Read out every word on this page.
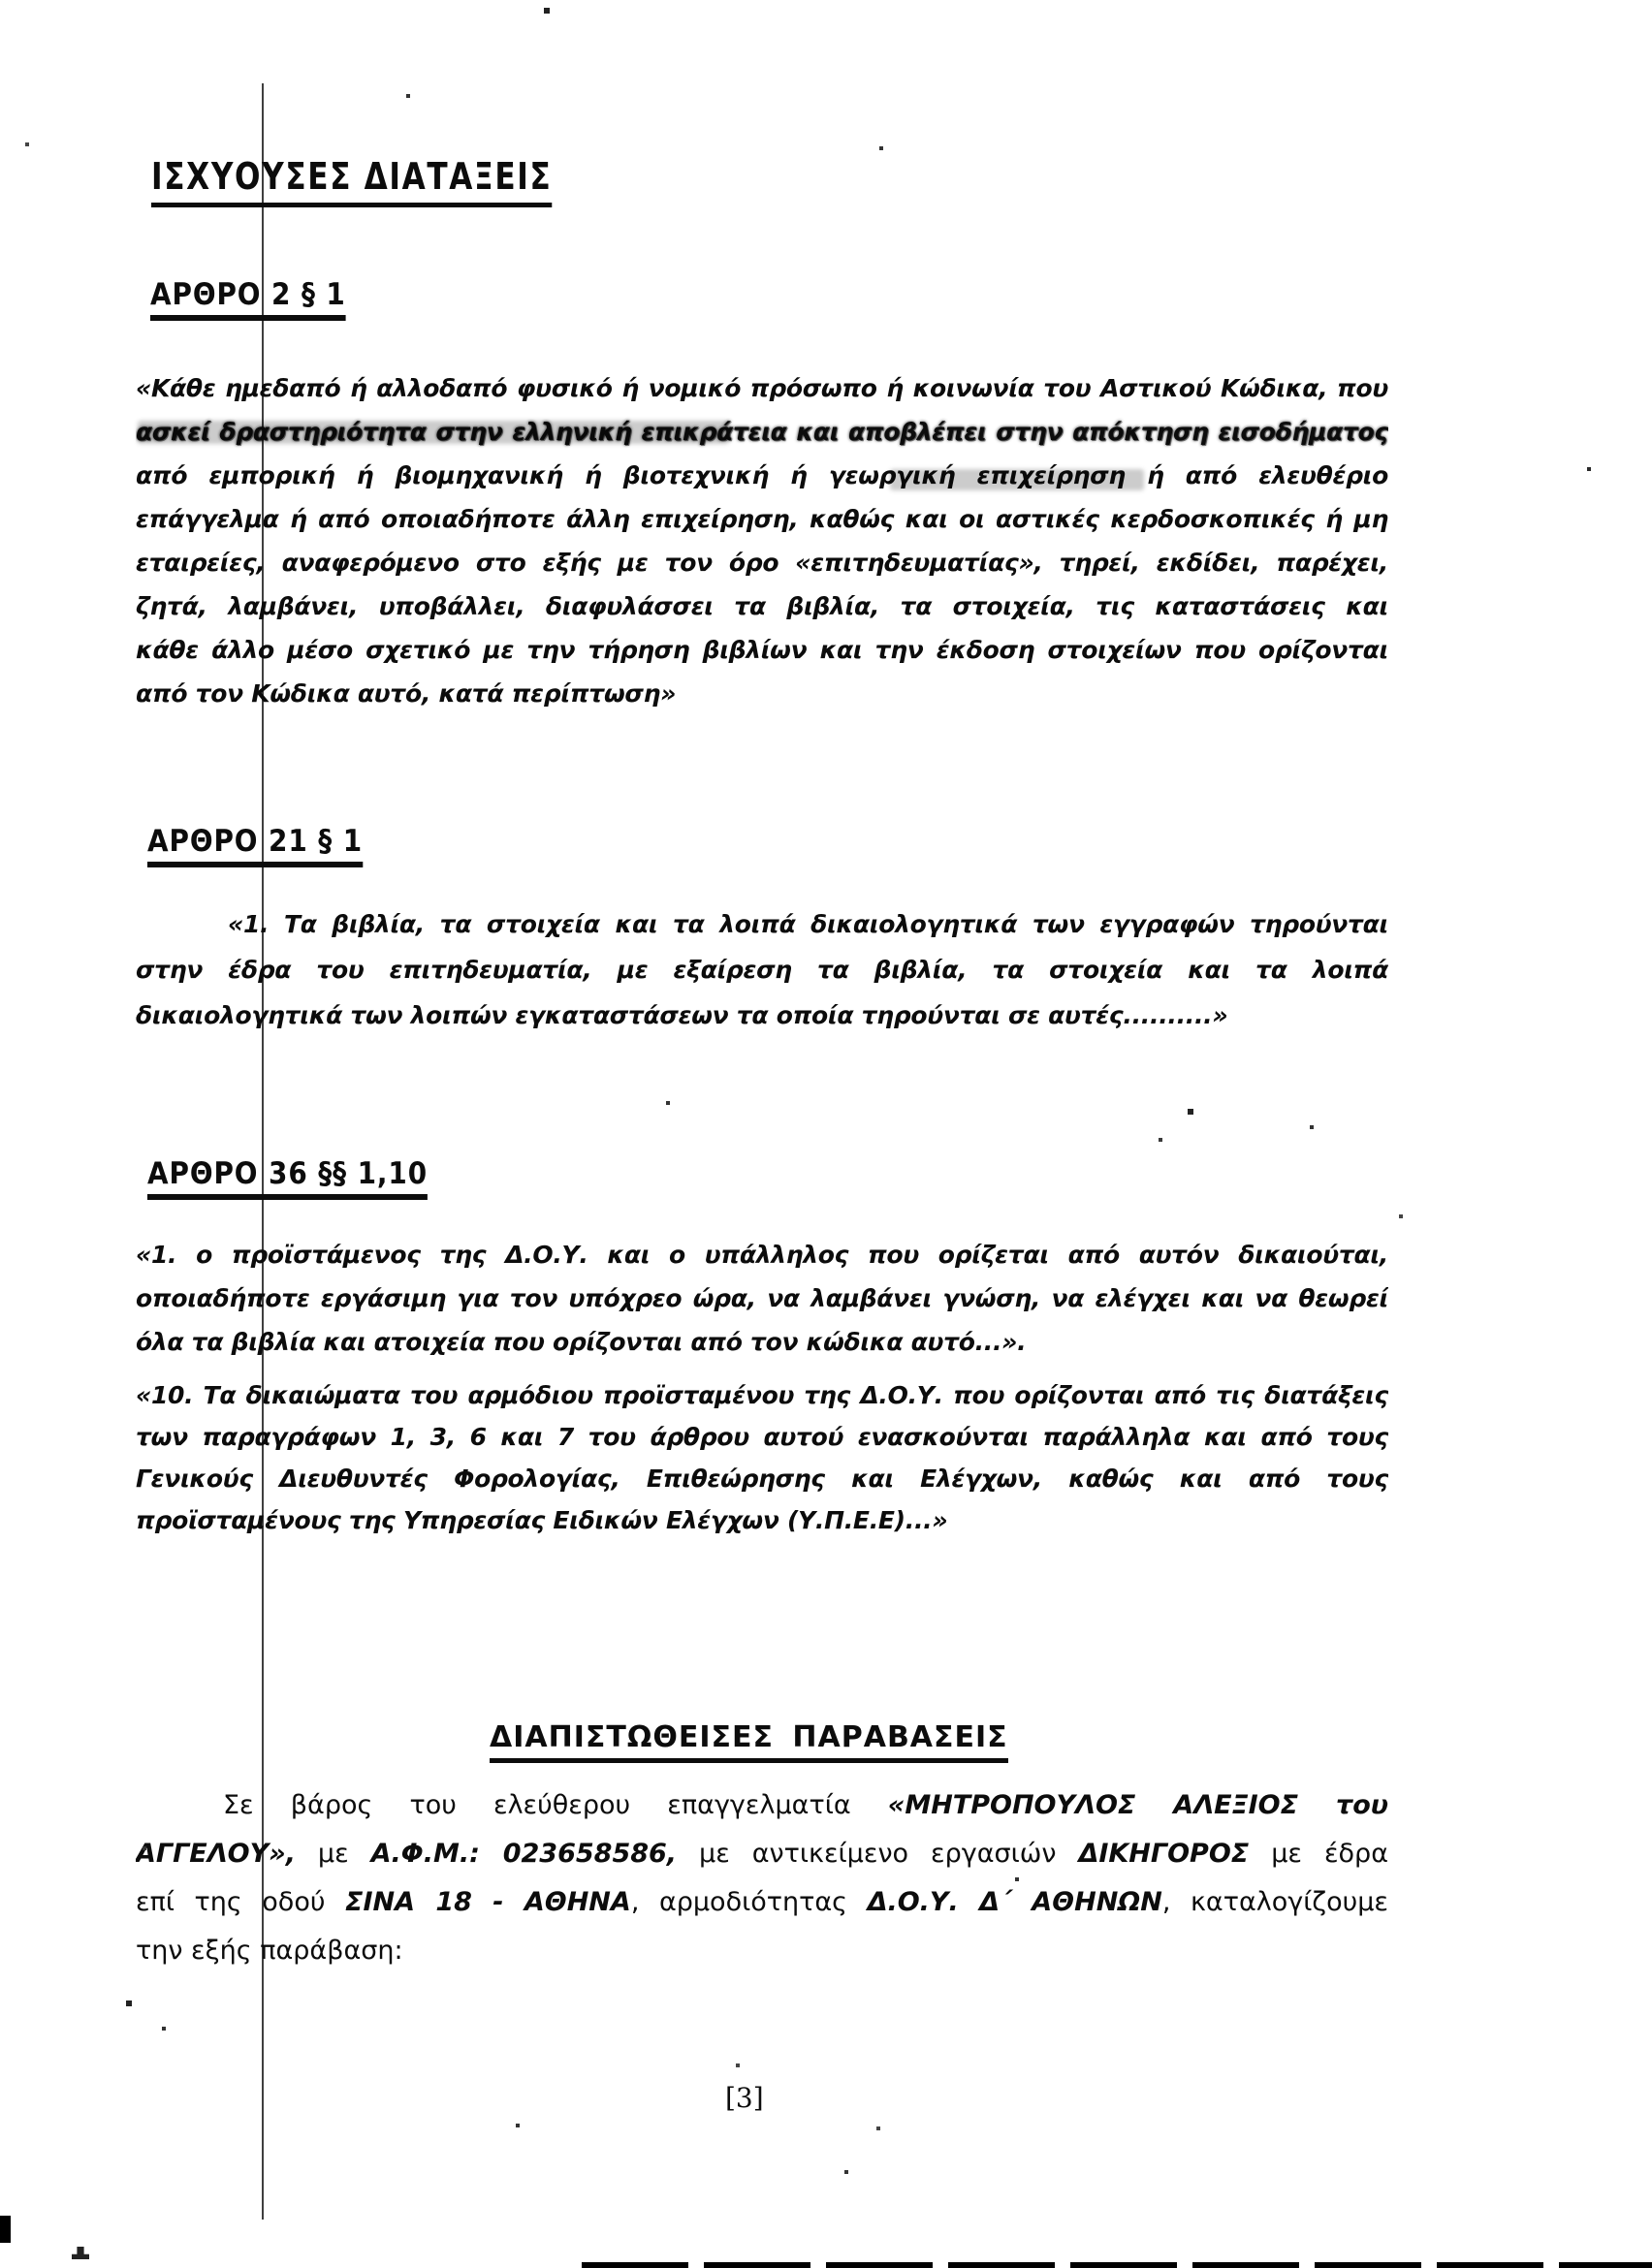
ΙΣΧΥΟΥΣΕΣ ΔΙΑΤΑΞΕΙΣ
ΑΡΘΡΟ 2 § 1
«Κάθε ημεδαπό ή αλλοδαπό φυσικό ή νομικό πρόσωπο ή κοινωνία του Αστικού Κώδικα, που
ασκεί δραστηριότητα στην ελληνική επικράτεια και αποβλέπει στην απόκτηση εισοδήματος
από εμπορική ή βιομηχανική ή βιοτεχνική ή γεωργική επιχείρηση ή από ελευθέριο
επάγγελμα ή από οποιαδήποτε άλλη επιχείρηση, καθώς και οι αστικές κερδοσκοπικές ή μη
εταιρείες, αναφερόμενο στο εξής με τον όρο «επιτηδευματίας», τηρεί, εκδίδει, παρέχει,
ζητά, λαμβάνει, υποβάλλει, διαφυλάσσει τα βιβλία, τα στοιχεία, τις καταστάσεις και
κάθε άλλο μέσο σχετικό με την τήρηση βιβλίων και την έκδοση στοιχείων που ορίζονται
από τον Κώδικα αυτό, κατά περίπτωση»
ΑΡΘΡΟ 21 § 1
«1. Τα βιβλία, τα στοιχεία και τα λοιπά δικαιολογητικά των εγγραφών τηρούνται
στην έδρα του επιτηδευματία, με εξαίρεση τα βιβλία, τα στοιχεία και τα λοιπά
δικαιολογητικά των λοιπών εγκαταστάσεων τα οποία τηρούνται σε αυτές..........»
ΑΡΘΡΟ 36 §§ 1,10
«1. ο προϊστάμενος της Δ.Ο.Υ. και ο υπάλληλος που ορίζεται από αυτόν δικαιούται,
οποιαδήποτε εργάσιμη για τον υπόχρεο ώρα, να λαμβάνει γνώση, να ελέγχει και να θεωρεί
όλα τα βιβλία και ατοιχεία που ορίζονται από τον κώδικα αυτό...».
«10. Τα δικαιώματα του αρμόδιου προϊσταμένου της Δ.Ο.Υ. που ορίζονται από τις διατάξεις
των παραγράφων 1, 3, 6 και 7 του άρθρου αυτού ενασκούνται παράλληλα και από τους
Γενικούς Διευθυντές Φορολογίας, Επιθεώρησης και Ελέγχων, καθώς και από τους
προϊσταμένους της Υπηρεσίας Ειδικών Ελέγχων (Υ.Π.Ε.Ε)...»
ΔΙΑΠΙΣΤΩΘΕΙΣΕΣ ΠΑΡΑΒΑΣΕΙΣ
Σε βάρος του ελεύθερου επαγγελματία «ΜΗΤΡΟΠΟΥΛΟΣ ΑΛΕΞΙΟΣ του
ΑΓΓΕΛΟΥ», με Α.Φ.Μ.: 023658586, με αντικείμενο εργασιών ΔΙΚΗΓΟΡΟΣ με έδρα
επί της οδού ΣΙΝΑ 18 - ΑΘΗΝΑ, αρμοδιότητας Δ.Ο.Υ. Δ΄ ΑΘΗΝΩΝ, καταλογίζουμε
την εξής παράβαση:
[3]
